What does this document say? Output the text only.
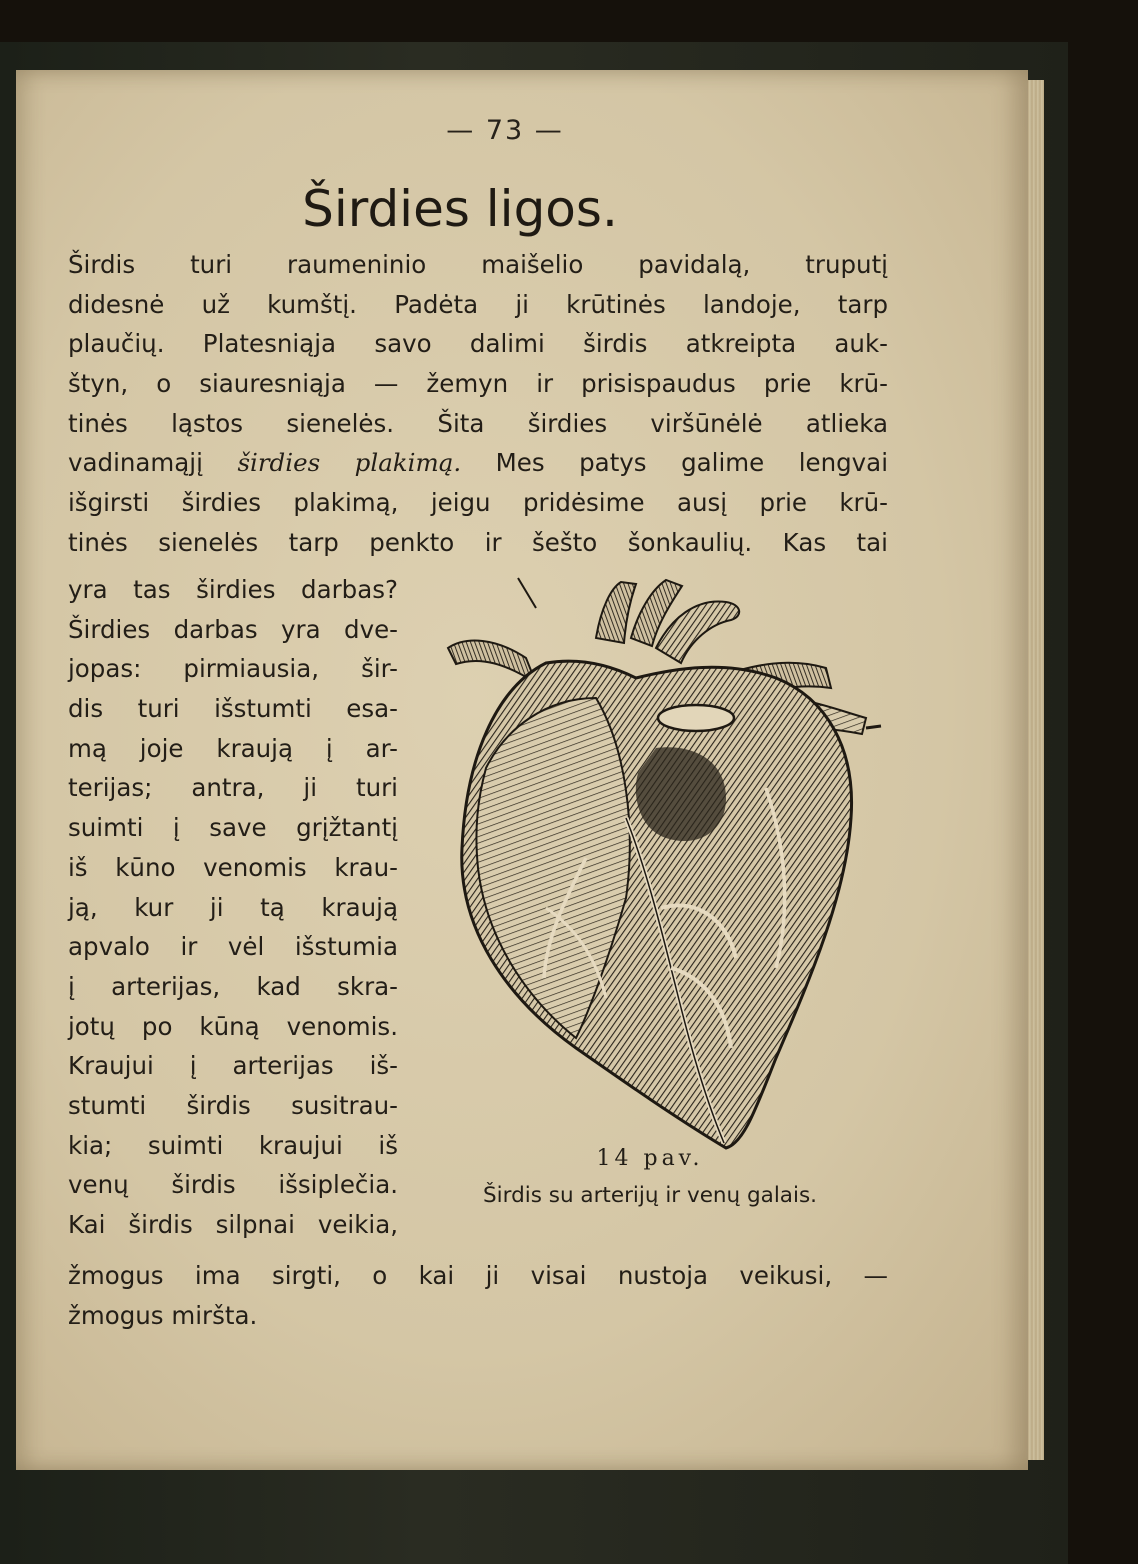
— 73 —
Širdies ligos.
Širdis turi raumeninio maišelio pavidalą, truputį
didesnė už kumštį. Padėta ji krūtinės landoje, tarp
plaučių. Platesniąja savo dalimi širdis atkreipta auk-
štyn, o siauresniąja — žemyn ir prisispaudus prie krū-
tinės ląstos sienelės. Šita širdies viršūnėlė atlieka
vadinamąjį širdies plakimą. Mes patys galime lengvai
išgirsti širdies plakimą, jeigu pridėsime ausį prie krū-
tinės sienelės tarp penkto ir šešto šonkaulių. Kas tai
yra tas širdies darbas?
Širdies darbas yra dve-
jopas: pirmiausia, šir-
dis turi išstumti esa-
mą joje kraują į ar-
terijas; antra, ji turi
suimti į save grįžtantį
iš kūno venomis krau-
ją, kur ji tą kraują
apvalo ir vėl išstumia
į arterijas, kad skra-
jotų po kūną venomis.
Kraujui į arterijas iš-
stumti širdis susitrau-
kia; suimti kraujui iš
venų širdis išsiplečia.
Kai širdis silpnai veikia,
14 pav.
Širdis su arterijų ir venų galais.
žmogus ima sirgti, o kai ji visai nustoja veikusi, —
žmogus miršta.
